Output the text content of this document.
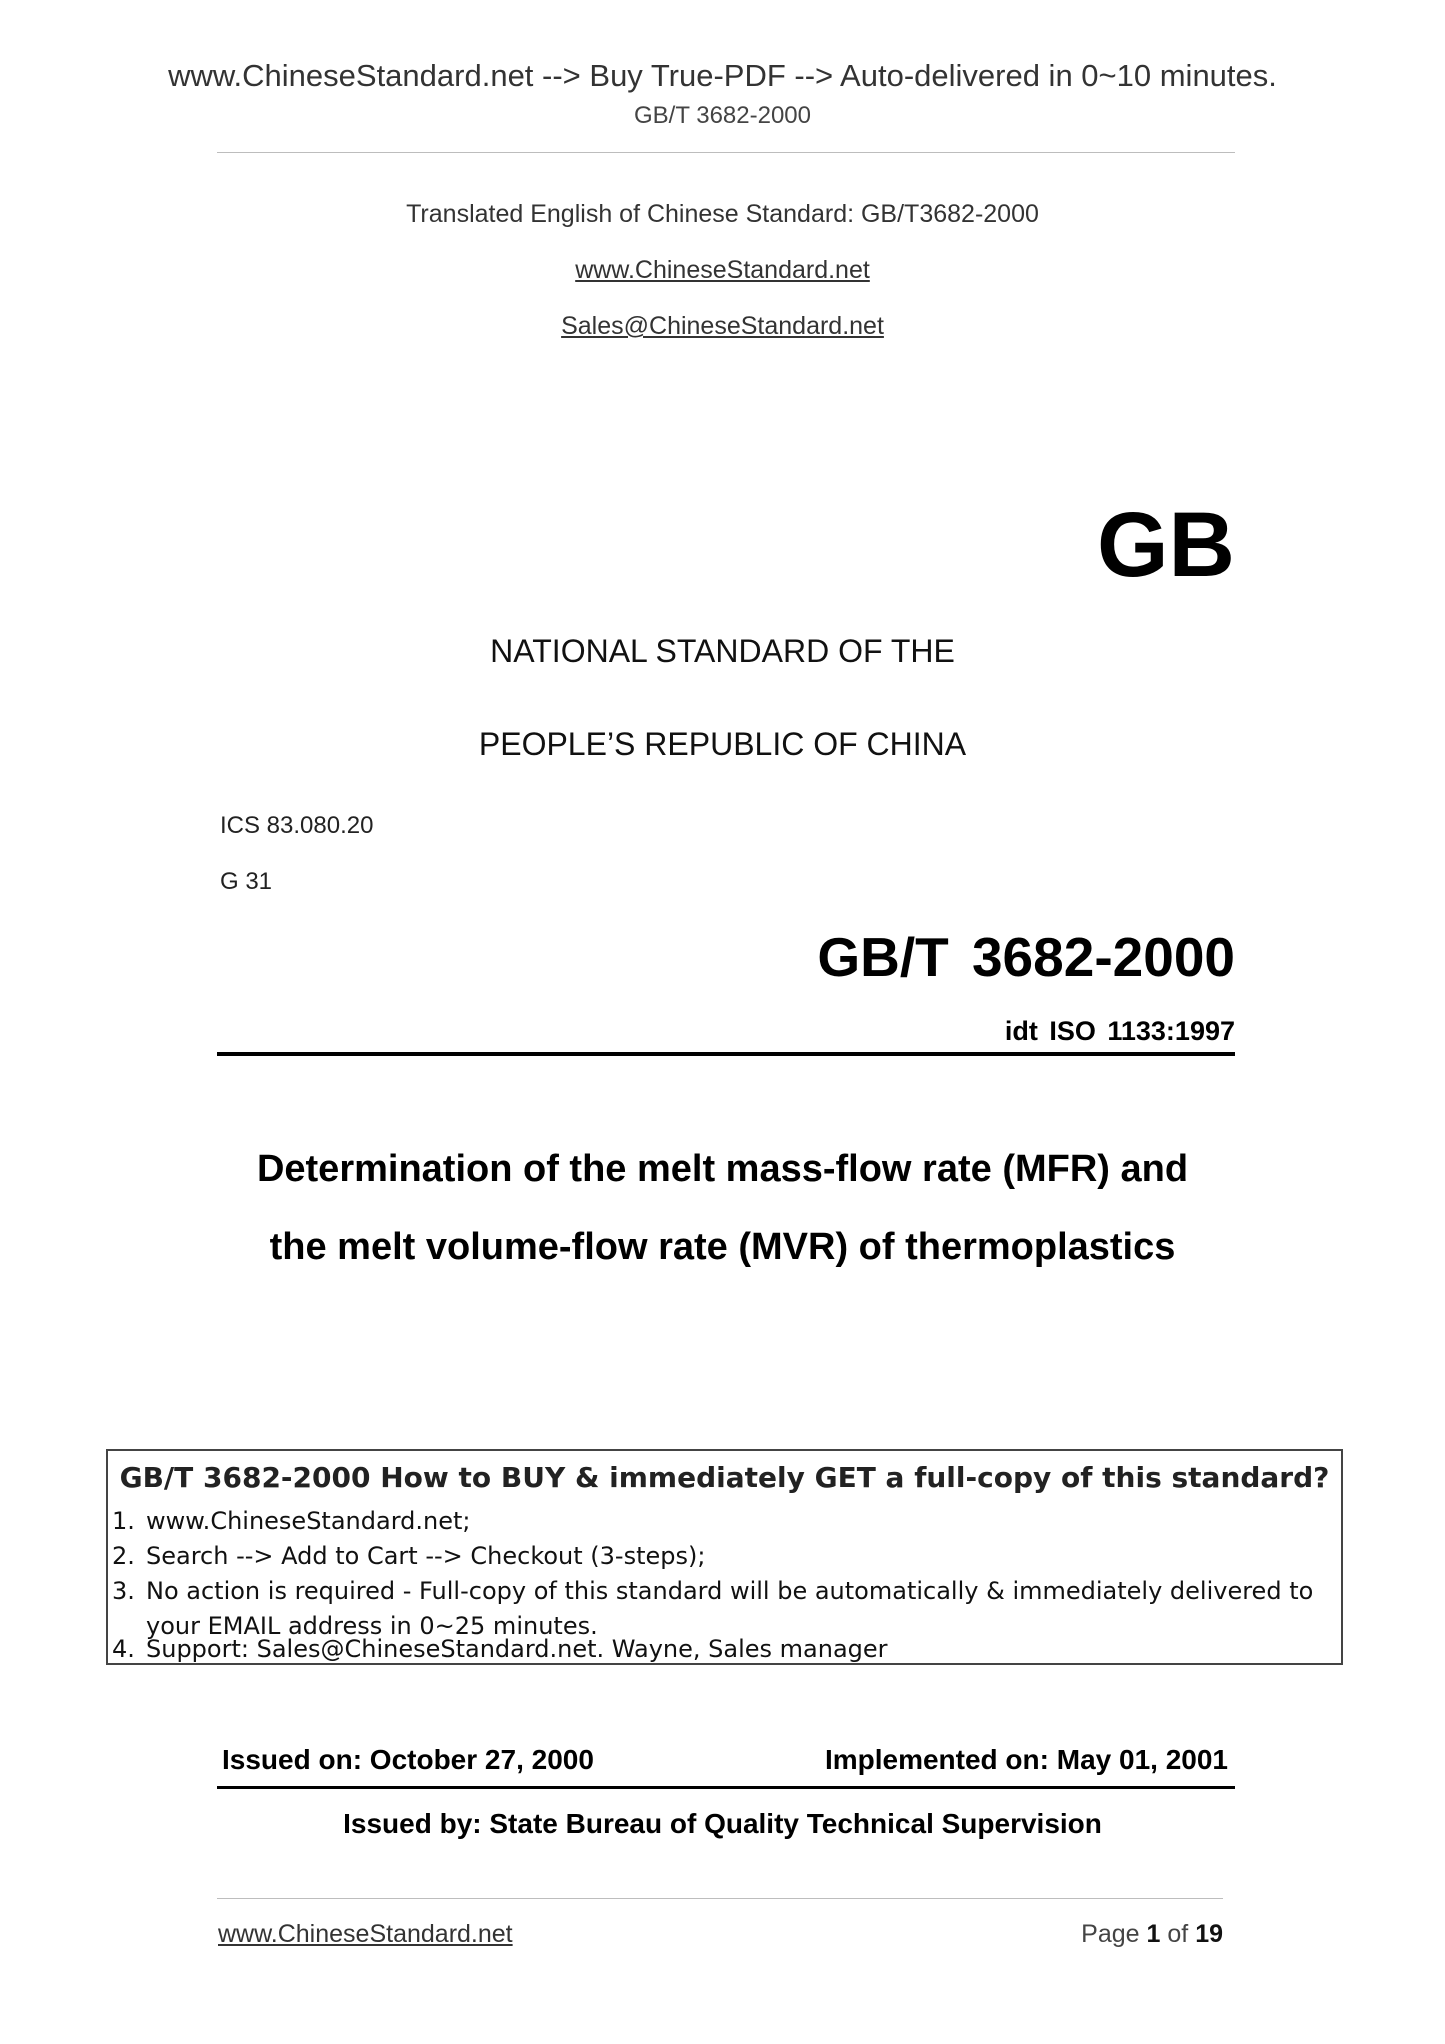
www.ChineseStandard.net --> Buy True-PDF --> Auto-delivered in 0~10 minutes.
GB/T 3682-2000
Translated English of Chinese Standard: GB/T3682-2000
www.ChineseStandard.net
Sales@ChineseStandard.net
GB
NATIONAL STANDARD OF THE
PEOPLE’S REPUBLIC OF CHINA
ICS 83.080.20
G 31
GB/T 3682-2000
idt ISO 1133:1997
Determination of the melt mass-flow rate (MFR) and
the melt volume-flow rate (MVR) of thermoplastics
GB/T 3682-2000 How to BUY & immediately GET a full-copy of this standard?
1. www.ChineseStandard.net;
2. Search --> Add to Cart --> Checkout (3-steps);
3. No action is required - Full-copy of this standard will be automatically & immediately delivered to
your EMAIL address in 0~25 minutes.
4. Support: Sales@ChineseStandard.net. Wayne, Sales manager
Issued on: October 27, 2000	Implemented on: May 01, 2001
Issued by: State Bureau of Quality Technical Supervision
www.ChineseStandard.net	Page 1 of 19
